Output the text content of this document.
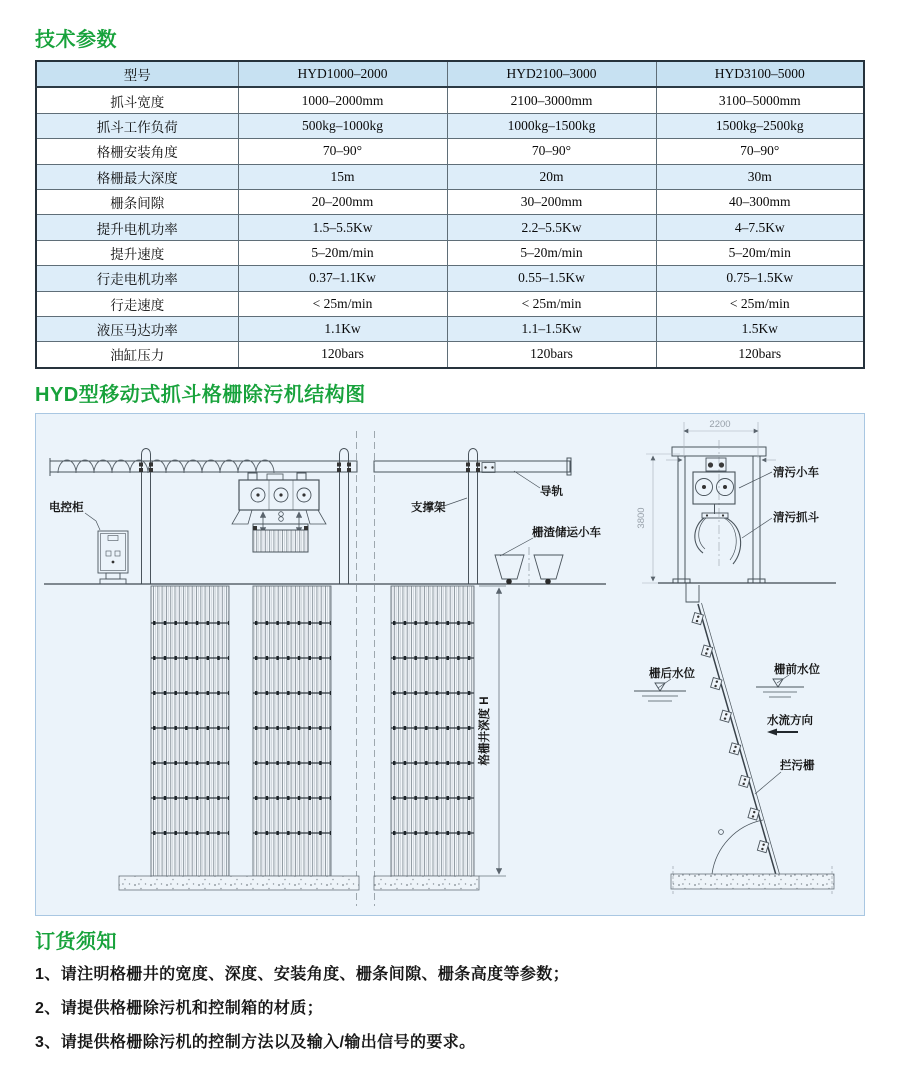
技术参数
型号	HYD1000–2000	HYD2100–3000	HYD3100–5000
抓斗宽度	1000–2000mm	2100–3000mm	3100–5000mm
抓斗工作负荷	500kg–1000kg	1000kg–1500kg	1500kg–2500kg
格栅安装角度	70–90°	70–90°	70–90°
格栅最大深度	15m	20m	30m
栅条间隙	20–200mm	30–200mm	40–300mm
提升电机功率	1.5–5.5Kw	2.2–5.5Kw	4–7.5Kw
提升速度	5–20m/min	5–20m/min	5–20m/min
行走电机功率	0.37–1.1Kw	0.55–1.5Kw	0.75–1.5Kw
行走速度	< 25m/min	< 25m/min	< 25m/min
液压马达功率	1.1Kw	1.1–1.5Kw	1.5Kw
油缸压力	120bars	120bars	120bars
HYD型移动式抓斗格栅除污机结构图
电控柜	支撑架
导轨
栅渣储运小车
清污小车
清污抓斗
栅后水位	栅前水位
水流方向
拦污栅
格栅井深度 H
2200
3800
订货须知
1、请注明格栅井的宽度、深度、安装角度、栅条间隙、栅条高度等参数；
2、请提供格栅除污机和控制箱的材质；
3、请提供格栅除污机的控制方法以及输入/输出信号的要求。
